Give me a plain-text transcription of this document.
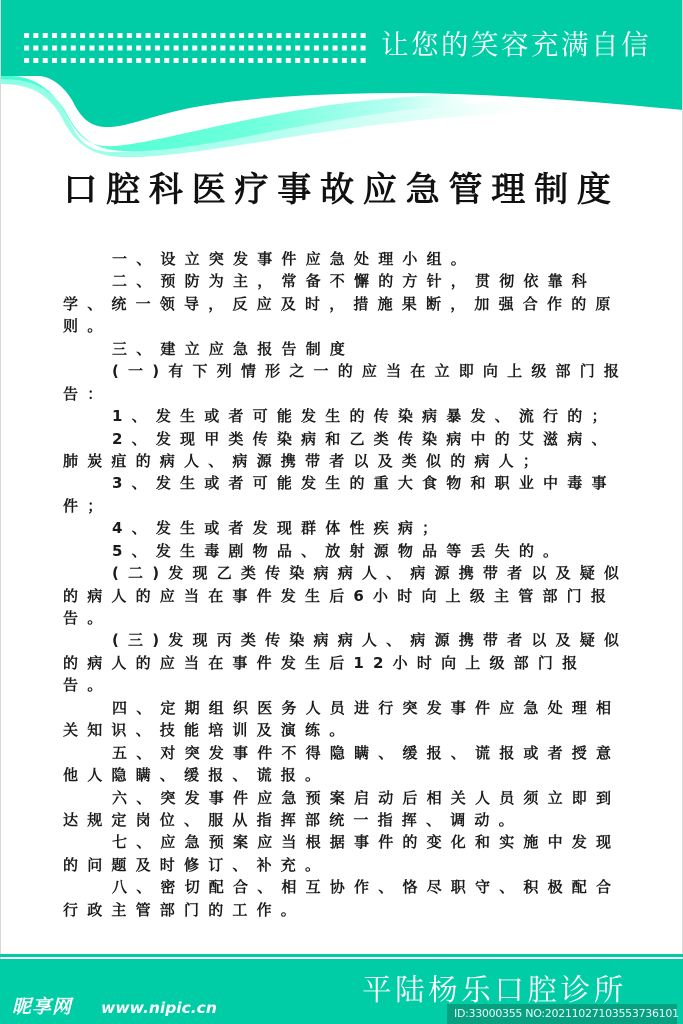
让您的笑容充满自信
口腔科医疗事故应急管理制度
一、设立突发事件应急处理小组。
二、预防为主，常备不懈的方针，贯彻依靠科
学、统一领导，反应及时，措施果断，加强合作的原
则。
三、建立应急报告制度
(一)有下列情形之一的应当在立即向上级部门报
告：
1、发生或者可能发生的传染病暴发、流行的；
2、发现甲类传染病和乙类传染病中的艾滋病、
肺炭疽的病人、病源携带者以及类似的病人；
3、发生或者可能发生的重大食物和职业中毒事
件；
4、发生或者发现群体性疾病；
5、发生毒剧物品、放射源物品等丢失的。
(二)发现乙类传染病病人、病源携带者以及疑似
的病人的应当在事件发生后6小时向上级主管部门报
告。
(三)发现丙类传染病病人、病源携带者以及疑似
的病人的应当在事件发生后12小时向上级部门报
告。
四、定期组织医务人员进行突发事件应急处理相
关知识、技能培训及演练。
五、对突发事件不得隐瞒、缓报、谎报或者授意
他人隐瞒、缓报、谎报。
六、突发事件应急预案启动后相关人员须立即到
达规定岗位、服从指挥部统一指挥、调动。
七、应急预案应当根据事件的变化和实施中发现
的问题及时修订、补充。
八、密切配合、相互协作、恪尽职守、积极配合
行政主管部门的工作。
昵享网 www.nipic.cn
平陆杨乐口腔诊所
ID:33000355 NO:20211027103553736101
